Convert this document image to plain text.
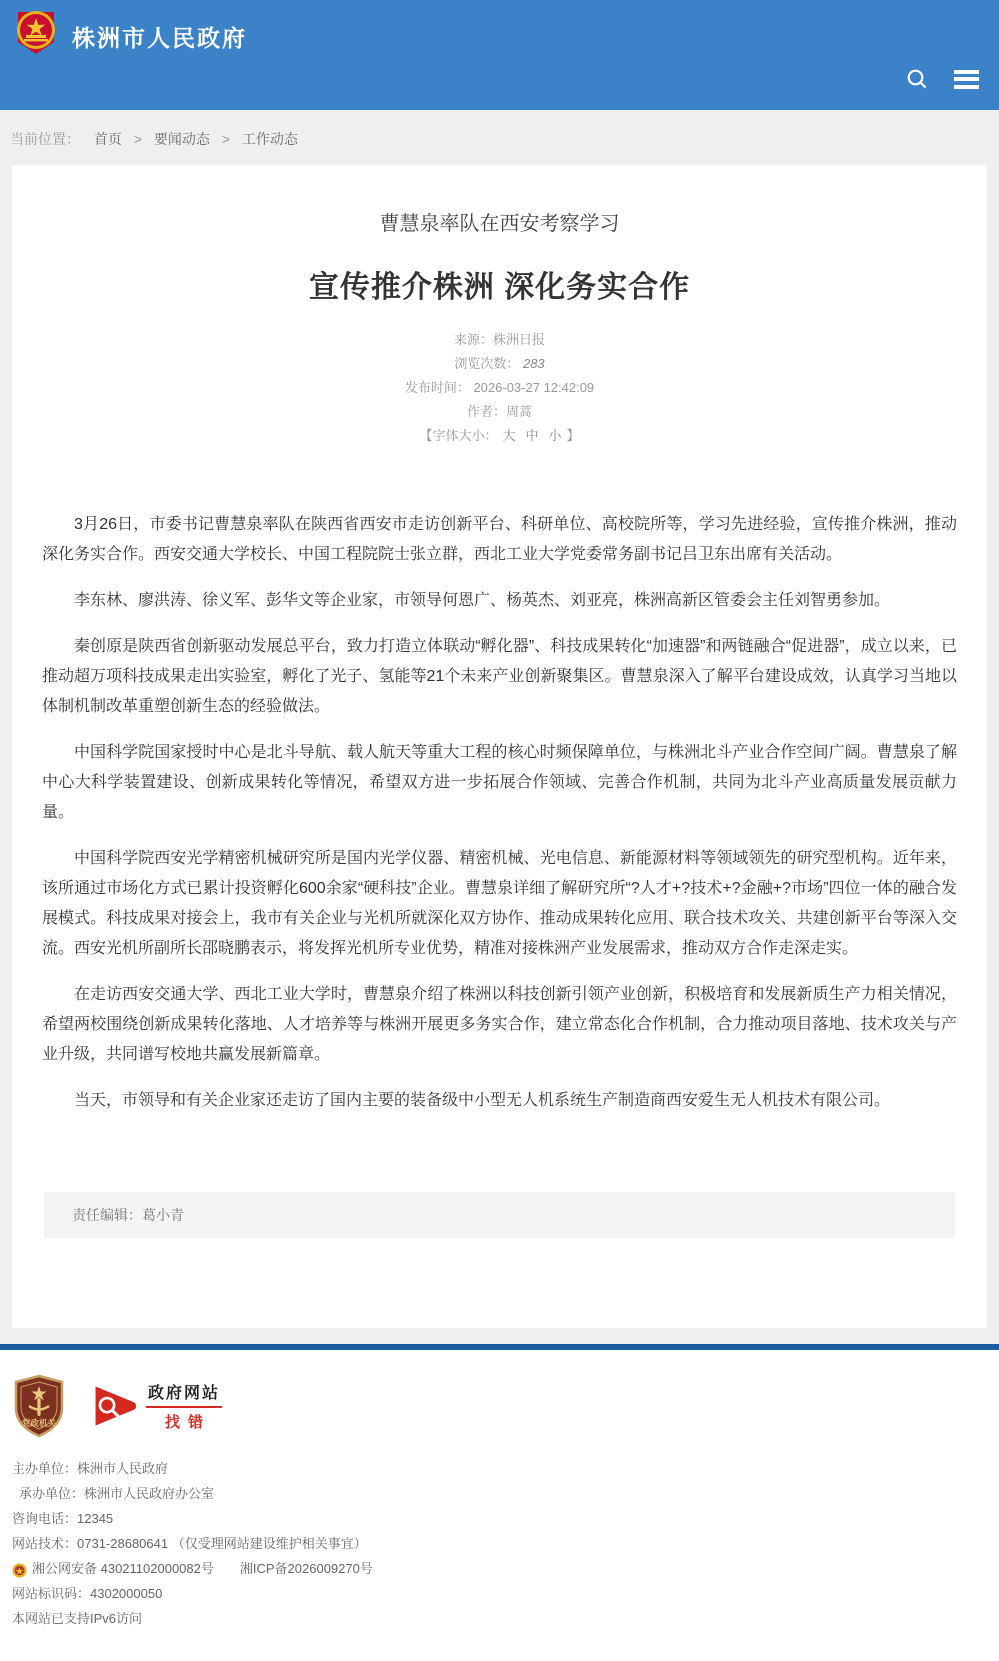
株洲市人民政府
当前位置： 首页 > 要闻动态 > 工作动态
曹慧泉率队在西安考察学习
宣传推介株洲 深化务实合作
来源：株洲日报
浏览次数： 283
发布时间： 2026-03-27 12:42:09
作者：周蒿
【字体大小： 大 中 小 】

3月26日，市委书记曹慧泉率队在陕西省西安市走访创新平台、科研单位、高校院所等，学习先进经验，宣传推介株洲，推动深化务实合作。西安交通大学校长、中国工程院院士张立群，西北工业大学党委常务副书记吕卫东出席有关活动。

李东林、廖洪涛、徐义军、彭华文等企业家，市领导何恩广、杨英杰、刘亚亮，株洲高新区管委会主任刘智勇参加。

秦创原是陕西省创新驱动发展总平台，致力打造立体联动“孵化器”、科技成果转化“加速器”和两链融合“促进器”，成立以来，已推动超万项科技成果走出实验室，孵化了光子、氢能等21个未来产业创新聚集区。曹慧泉深入了解平台建设成效，认真学习当地以体制机制改革重塑创新生态的经验做法。

中国科学院国家授时中心是北斗导航、载人航天等重大工程的核心时频保障单位，与株洲北斗产业合作空间广阔。曹慧泉了解中心大科学装置建设、创新成果转化等情况，希望双方进一步拓展合作领域、完善合作机制，共同为北斗产业高质量发展贡献力量。

中国科学院西安光学精密机械研究所是国内光学仪器、精密机械、光电信息、新能源材料等领域领先的研究型机构。近年来，该所通过市场化方式已累计投资孵化600余家“硬科技”企业。曹慧泉详细了解研究所“?人才+?技术+?金融+?市场”四位一体的融合发展模式。科技成果对接会上，我市有关企业与光机所就深化双方协作、推动成果转化应用、联合技术攻关、共建创新平台等深入交流。西安光机所副所长邵晓鹏表示，将发挥光机所专业优势，精准对接株洲产业发展需求，推动双方合作走深走实。

在走访西安交通大学、西北工业大学时，曹慧泉介绍了株洲以科技创新引领产业创新，积极培育和发展新质生产力相关情况，希望两校围绕创新成果转化落地、人才培养等与株洲开展更多务实合作，建立常态化合作机制，合力推动项目落地、技术攻关与产业升级，共同谱写校地共赢发展新篇章。

当天，市领导和有关企业家还走访了国内主要的装备级中小型无人机系统生产制造商西安爱生无人机技术有限公司。

责任编辑：葛小青
党政机关
政府网站
找错
主办单位：株洲市人民政府
承办单位：株洲市人民政府办公室
咨询电话：12345
网站技术：0731-28680641 （仅受理网站建设维护相关事宜）
湘公网安备 43021102000082号 湘ICP备2026009270号
网站标识码：4302000050
本网站已支持IPv6访问
